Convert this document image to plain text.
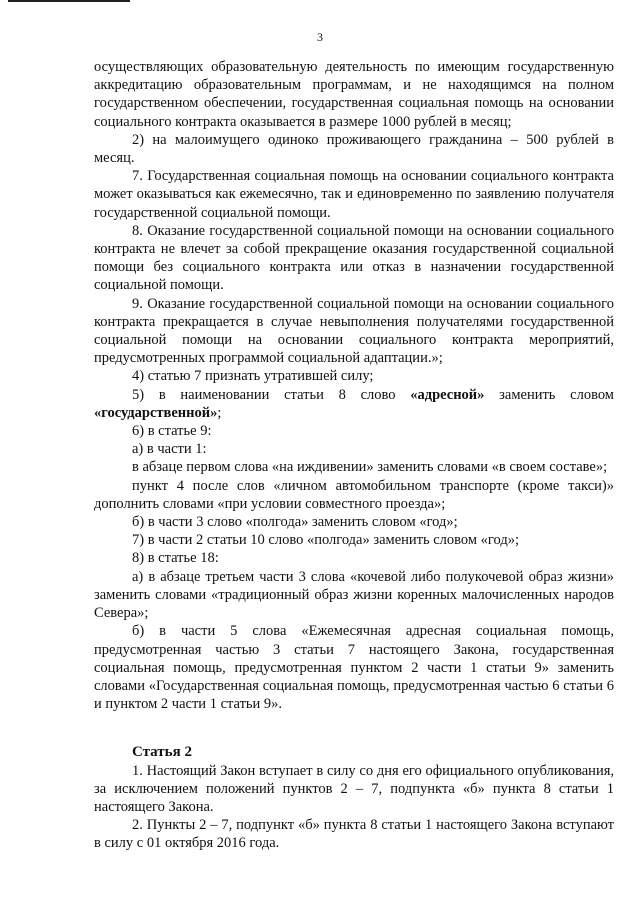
3

осуществляющих образовательную деятельность по имеющим государственную аккредитацию образовательным программам, и не находящимся на полном государственном обеспечении, государственная социальная помощь на основании социального контракта оказывается в размере 1000 рублей в месяц;

2) на малоимущего одиноко проживающего гражданина – 500 рублей в месяц.

7. Государственная социальная помощь на основании социального контракта может оказываться как ежемесячно, так и единовременно по заявлению получателя государственной социальной помощи.

8. Оказание государственной социальной помощи на основании социального контракта не влечет за собой прекращение оказания государственной социальной помощи без социального контракта или отказ в назначении государственной социальной помощи.

9. Оказание государственной социальной помощи на основании социального контракта прекращается в случае невыполнения получателями государственной социальной помощи на основании социального контракта мероприятий, предусмотренных программой социальной адаптации.»;

4) статью 7 признать утратившей силу;

5) в наименовании статьи 8 слово «адресной» заменить словом «государственной»;

6) в статье 9:

а) в части 1:

в абзаце первом слова «на иждивении» заменить словами «в своем составе»;

пункт 4 после слов «личном автомобильном транспорте (кроме такси)» дополнить словами «при условии совместного проезда»;

б) в части 3 слово «полгода» заменить словом «год»;

7) в части 2 статьи 10 слово «полгода» заменить словом «год»;

8) в статье 18:

а) в абзаце третьем части 3 слова «кочевой либо полукочевой образ жизни» заменить словами «традиционный образ жизни коренных малочисленных народов Севера»;

б) в части 5 слова «Ежемесячная адресная социальная помощь, предусмотренная частью 3 статьи 7 настоящего Закона, государственная социальная помощь, предусмотренная пунктом 2 части 1 статьи 9» заменить словами «Государственная социальная помощь, предусмотренная частью 6 статьи 6 и пунктом 2 части 1 статьи 9».

Статья 2

1. Настоящий Закон вступает в силу со дня его официального опубликования, за исключением положений пунктов 2 – 7, подпункта «б» пункта 8 статьи 1 настоящего Закона.

2. Пункты 2 – 7, подпункт «б» пункта 8 статьи 1 настоящего Закона вступают в силу с 01 октября 2016 года.
